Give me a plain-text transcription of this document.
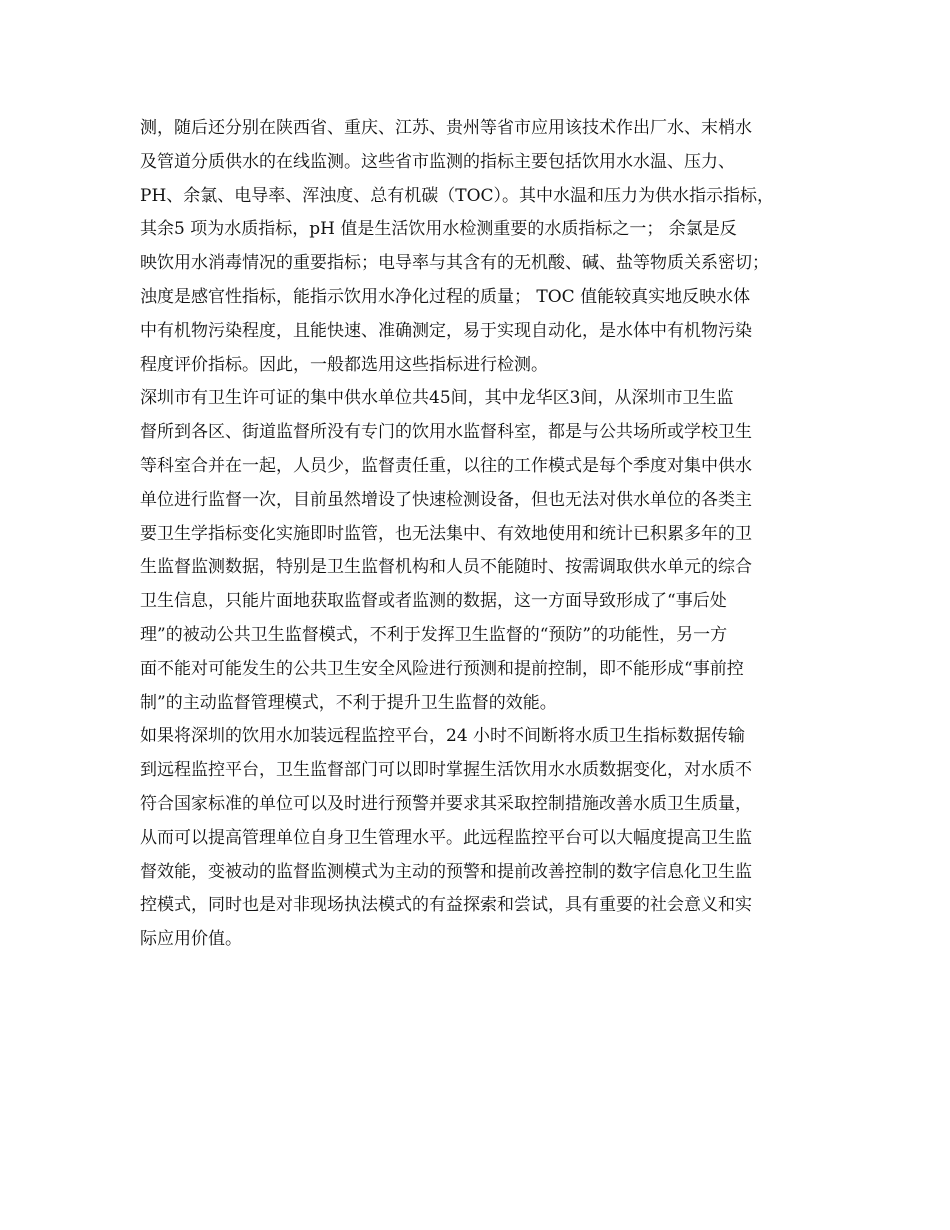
测，随后还分别在陕西省、重庆、江苏、贵州等省市应用该技术作出厂水、末梢水
及管道分质供水的在线监测。这些省市监测的指标主要包括饮用水水温、压力、
PH、余氯、电导率、浑浊度、总有机碳（TOC）。其中水温和压力为供水指示指标，
其余5 项为水质指标，pH 值是生活饮用水检测重要的水质指标之一； 余氯是反
映饮用水消毒情况的重要指标；电导率与其含有的无机酸、碱、盐等物质关系密切；
浊度是感官性指标，能指示饮用水净化过程的质量； TOC 值能较真实地反映水体
中有机物污染程度，且能快速、准确测定，易于实现自动化，是水体中有机物污染
程度评价指标。因此，一般都选用这些指标进行检测。
深圳市有卫生许可证的集中供水单位共45间，其中龙华区3间，从深圳市卫生监
督所到各区、街道监督所没有专门的饮用水监督科室，都是与公共场所或学校卫生
等科室合并在一起，人员少，监督责任重，以往的工作模式是每个季度对集中供水
单位进行监督一次，目前虽然增设了快速检测设备，但也无法对供水单位的各类主
要卫生学指标变化实施即时监管，也无法集中、有效地使用和统计已积累多年的卫
生监督监测数据，特别是卫生监督机构和人员不能随时、按需调取供水单元的综合
卫生信息，只能片面地获取监督或者监测的数据，这一方面导致形成了“事后处
理”的被动公共卫生监督模式，不利于发挥卫生监督的“预防”的功能性，另一方
面不能对可能发生的公共卫生安全风险进行预测和提前控制，即不能形成“事前控
制”的主动监督管理模式，不利于提升卫生监督的效能。
如果将深圳的饮用水加装远程监控平台，24 小时不间断将水质卫生指标数据传输
到远程监控平台，卫生监督部门可以即时掌握生活饮用水水质数据变化，对水质不
符合国家标准的单位可以及时进行预警并要求其采取控制措施改善水质卫生质量，
从而可以提高管理单位自身卫生管理水平。此远程监控平台可以大幅度提高卫生监
督效能，变被动的监督监测模式为主动的预警和提前改善控制的数字信息化卫生监
控模式，同时也是对非现场执法模式的有益探索和尝试，具有重要的社会意义和实
际应用价值。
